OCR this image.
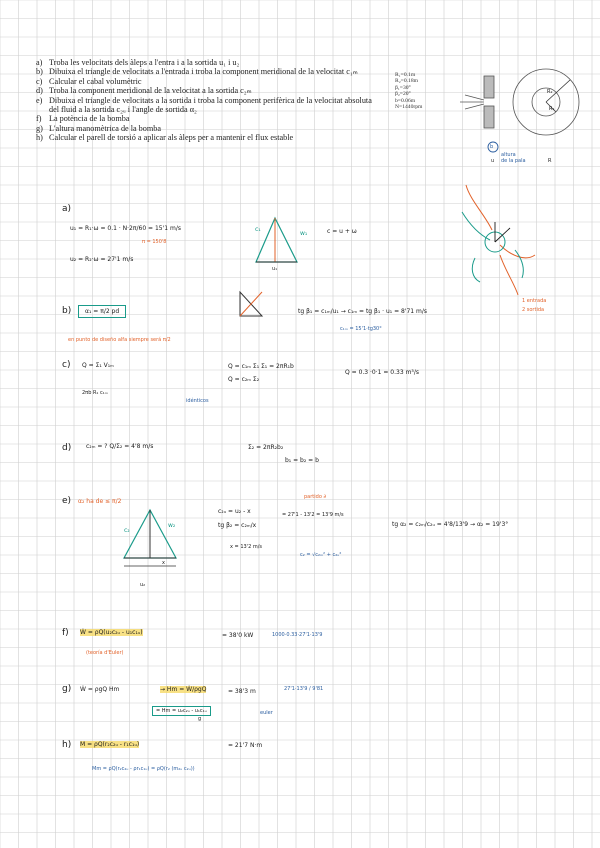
a) Troba les velocitats dels àleps a l'entra i a la sortida u₁ i u₂
b) Dibuixa el triangle de velocitats a l'entrada i troba la component meridional de la velocitat c₁ₘ
c) Calcular el cabal volumètric
d) Troba la component meridional de la velocitat a la sortida c₂ₘ
e) Dibuixa el triangle de velocitats a la sortida i troba la component perifèrica de la velocitat absoluta del fluid a la sortida c₂ᵤ i l'angle de sortida α₂
f) La potència de la bomba
g) L'altura manomètrica de la bomba
h) Calcular el parell de torsió a aplicar als àleps per a mantenir el flux estable
R₁=0.1m
R₂=0.18m
β₁=30°
β₂=20°
b=0.06m
N=1440rpm
R₂
R₁
b
altura
de la pala
u	R
a)
u₁ = R₁·ω = 0.1 · N·2π/60 = 15'1 m/s
π = 150'8
u₂ = R₂·ω = 27'1 m/s
c = u + ω
c₁
w₁
u₁
b)	α₁ = π/2 pd
en punto de diseño alfa siempre será π/2
tg β₁ = c₁ₘ/u₁ → c₁ₘ = tg β₁ · u₁ = 8'71 m/s
c₁ₘ = 15'1·tg30°
1 entrada
2 sortida
c) Q = Σ₁ V₁ₘ
2πb R₁ c₁ₘ
Q = c₁ₘ Σ₁ Σ₁ = 2πR₁b
Q = c₂ₘ Σ₂
Q = 0.3 ·0·1 = 0.33 m³/s
idénticos
d) c₂ₘ = ? Q/Σ₂ = 4'8 m/s	Σ₂ = 2πR₂b₂
b₁ = b₂ = b
e) α₂ ha de ≤ π/2
c₂
w₂
x
u₂
partido ∂
c₂ᵤ = u₂ - x
tg β₂ = c₂ₘ/x
x = 13'2 m/s
= 27'1 - 13'2 = 13'9 m/s
c₂ = √c₂ₘ² + c₂ᵤ²
tg α₂ = c₂ₘ/c₂ᵤ = 4'8/13'9 → α₂ = 19'3°
f) Ẇ = ρQ(u₂c₂ᵤ - u₁c₁ᵤ)
(teoría d'Euler)
= 38'0 kW	1000·0.33·27'1·13'9
g) Ẇ = ρgQ Hm	→ Hm = Ẇ/ρgQ	= 38'3 m	27'1·13'9 / 9'81
= Hm = u₂c₂ᵤ - u₁c₁ᵤ
g
euler
h) M = ρQ(r₂c₂ᵤ - r₁c₁ᵤ)	= 21'7 N·m
Mm = ρQ(r₂c₂ᵤ - ρr₁c₁ᵤ) = ρQ(r₂ (m₂ᵤ c₂ᵤ))
